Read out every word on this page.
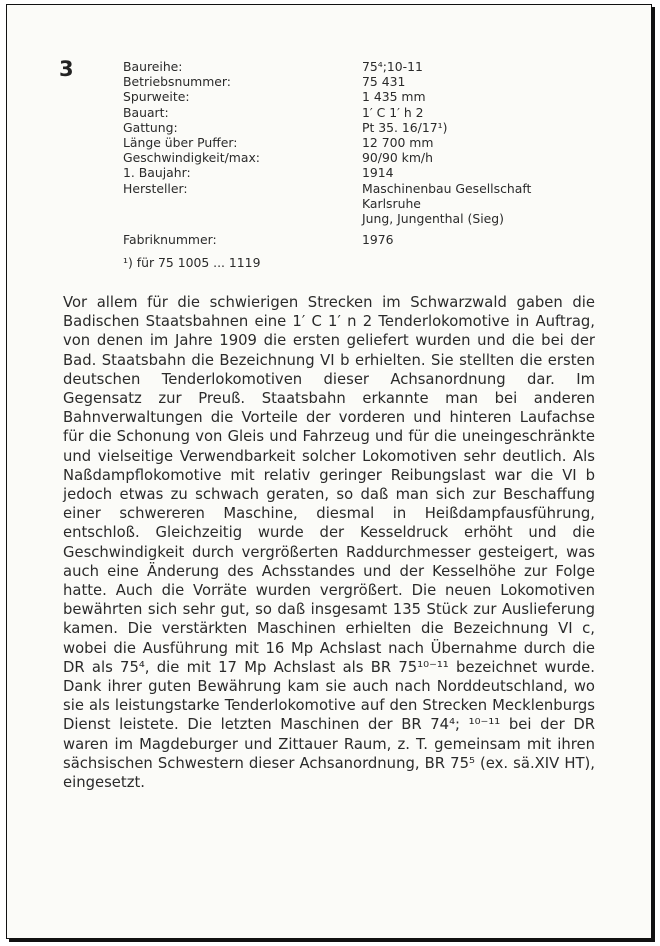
3	Baureihe:	75⁴;10-11
Betriebsnummer:	75 431
Spurweite:	1 435 mm
Bauart:	1′ C 1′ h 2
Gattung:	Pt 35. 16/17¹)
Länge über Puffer:	12 700 mm
Geschwindigkeit/max:	90/90 km/h
1. Baujahr:	1914
Hersteller:	Maschinenbau Gesellschaft
Karlsruhe
Jung, Jungenthal (Sieg)
Fabriknummer:	1976
¹) für 75 1005 ... 1119
Vor allem für die schwierigen Strecken im Schwarzwald gaben die Badischen Staatsbahnen eine 1′ C 1′ n 2 Tenderlokomotive in Auftrag, von denen im Jahre 1909 die ersten geliefert wurden und die bei der Bad. Staatsbahn die Bezeichnung VI b erhielten. Sie stellten die ersten deutschen Tenderlokomotiven dieser Achsanordnung dar. Im Gegensatz zur Preuß. Staatsbahn erkannte man bei anderen Bahnverwaltungen die Vorteile der vorderen und hinteren Laufachse für die Schonung von Gleis und Fahrzeug und für die uneingeschränkte und vielseitige Verwendbarkeit solcher Lokomotiven sehr deutlich. Als Naßdampflokomotive mit relativ geringer Reibungslast war die VI b jedoch etwas zu schwach geraten, so daß man sich zur Beschaffung einer schwereren Maschine, diesmal in Heißdampfausführung, entschloß. Gleichzeitig wurde der Kesseldruck erhöht und die Geschwindigkeit durch vergrößerten Raddurchmesser gesteigert, was auch eine Änderung des Achsstandes und der Kesselhöhe zur Folge hatte. Auch die Vorräte wurden vergrößert. Die neuen Lokomotiven bewährten sich sehr gut, so daß insgesamt 135 Stück zur Auslieferung kamen. Die verstärkten Maschinen erhielten die Bezeichnung VI c, wobei die Ausführung mit 16 Mp Achslast nach Übernahme durch die DR als 75⁴, die mit 17 Mp Achslast als BR 75¹⁰⁻¹¹ bezeichnet wurde. Dank ihrer guten Bewährung kam sie auch nach Norddeutschland, wo sie als leistungstarke Tenderlokomotive auf den Strecken Mecklenburgs Dienst leistete. Die letzten Maschinen der BR 74⁴; ¹⁰⁻¹¹ bei der DR waren im Magdeburger und Zittauer Raum, z. T. gemeinsam mit ihren sächsischen Schwestern dieser Achsanordnung, BR 75⁵ (ex. sä.XIV HT), eingesetzt.
